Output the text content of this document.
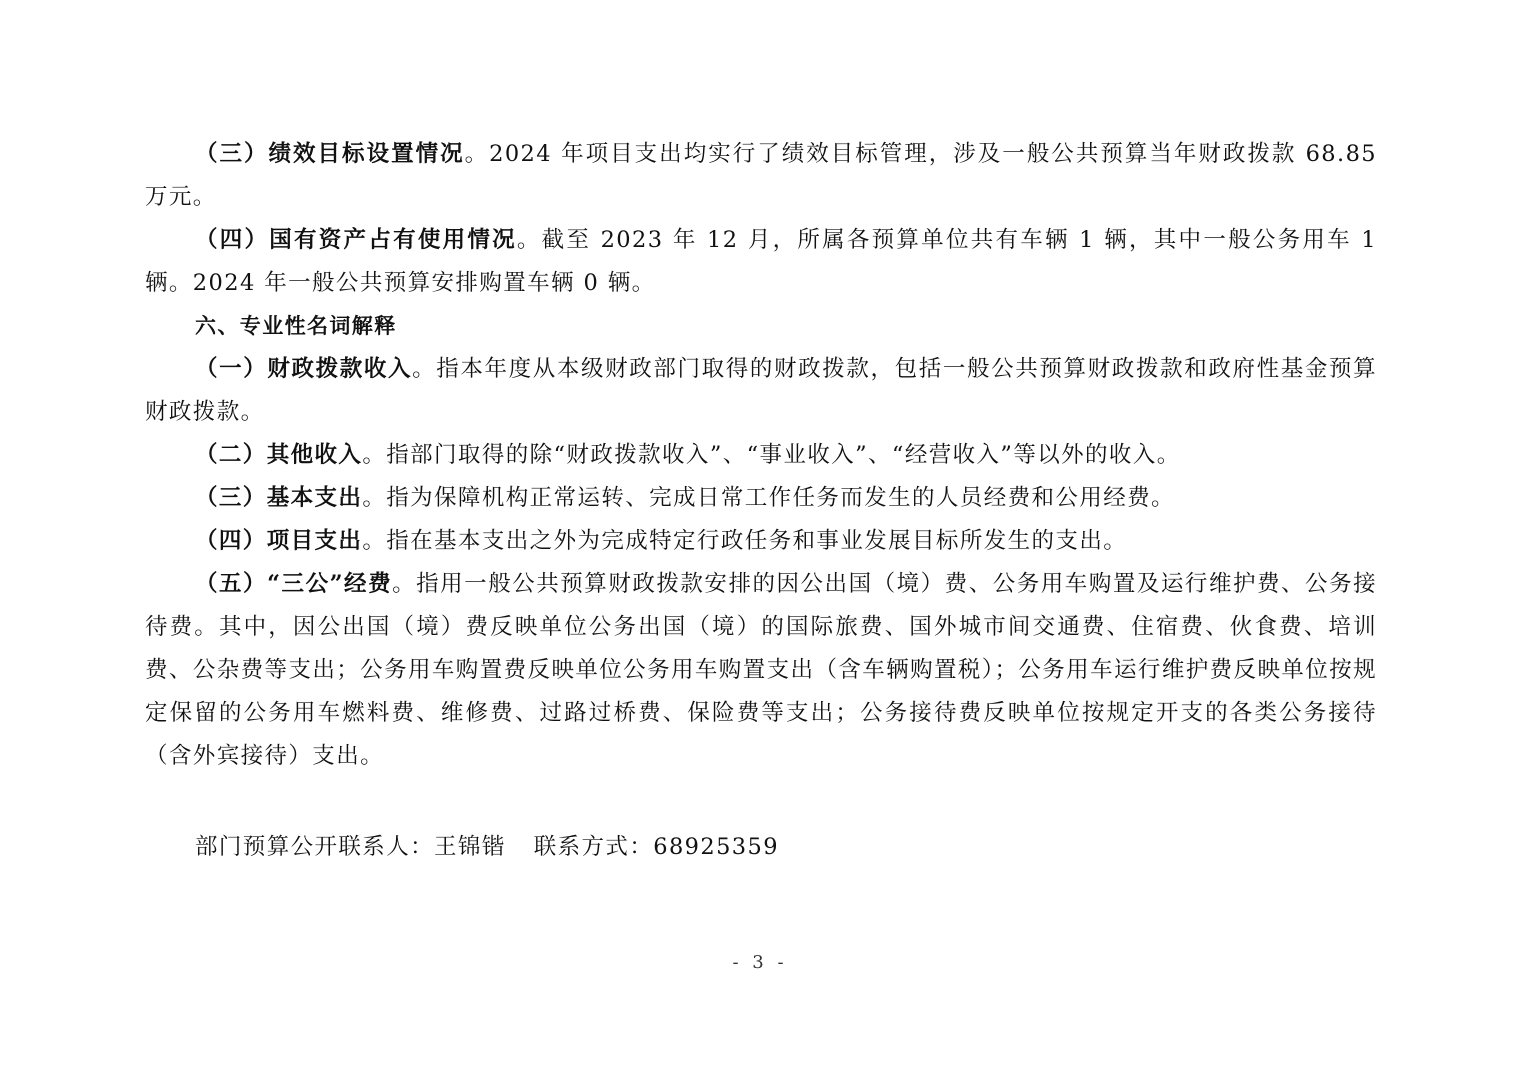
（三）绩效目标设置情况。2024 年项目支出均实行了绩效目标管理，涉及一般公共预算当年财政拨款 68.85 万元。

（四）国有资产占有使用情况。截至 2023 年 12 月，所属各预算单位共有车辆 1 辆，其中一般公务用车 1 辆。2024 年一般公共预算安排购置车辆 0 辆。

六、专业性名词解释

（一）财政拨款收入。指本年度从本级财政部门取得的财政拨款，包括一般公共预算财政拨款和政府性基金预算财政拨款。

（二）其他收入。指部门取得的除“财政拨款收入”、“事业收入”、“经营收入”等以外的收入。

（三）基本支出。指为保障机构正常运转、完成日常工作任务而发生的人员经费和公用经费。

（四）项目支出。指在基本支出之外为完成特定行政任务和事业发展目标所发生的支出。

（五）“三公”经费。指用一般公共预算财政拨款安排的因公出国（境）费、公务用车购置及运行维护费、公务接待费。其中，因公出国（境）费反映单位公务出国（境）的国际旅费、国外城市间交通费、住宿费、伙食费、培训费、公杂费等支出；公务用车购置费反映单位公务用车购置支出（含车辆购置税）；公务用车运行维护费反映单位按规定保留的公务用车燃料费、维修费、过路过桥费、保险费等支出；公务接待费反映单位按规定开支的各类公务接待（含外宾接待）支出。

部门预算公开联系人：王锦锴 联系方式：68925359
- 3 -
